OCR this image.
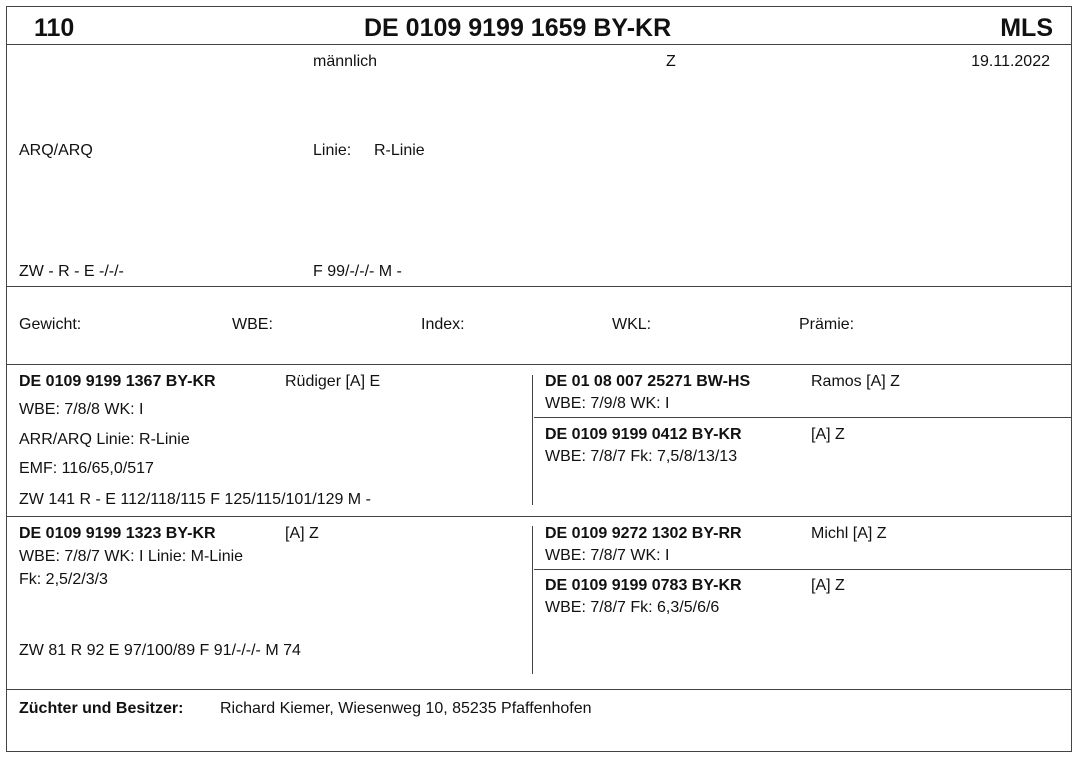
110	DE 0109 9199 1659 BY-KR	MLS
männlich	Z	19.11.2022
ARQ/ARQ	Linie: R-Linie
ZW - R - E -/-/-	F 99/-/-/- M -
Gewicht:	WBE:	Index:	WKL:	Prämie:
DE 0109 9199 1367 BY-KR	Rüdiger [A] E
WBE: 7/8/8 WK: I
ARR/ARQ Linie: R-Linie
EMF: 116/65,0/517
ZW 141 R - E 112/118/115 F 125/115/101/129 M -
DE 01 08 007 25271 BW-HS	Ramos [A] Z
WBE: 7/9/8 WK: I
DE 0109 9199 0412 BY-KR	[A] Z
WBE: 7/8/7 Fk: 7,5/8/13/13
DE 0109 9199 1323 BY-KR	[A] Z
WBE: 7/8/7 WK: I Linie: M-Linie
Fk: 2,5/2/3/3
ZW 81 R 92 E 97/100/89 F 91/-/-/- M 74
DE 0109 9272 1302 BY-RR	Michl [A] Z
WBE: 7/8/7 WK: I
DE 0109 9199 0783 BY-KR	[A] Z
WBE: 7/8/7 Fk: 6,3/5/6/6
Züchter und Besitzer: Richard Kiemer, Wiesenweg 10, 85235 Pfaffenhofen
